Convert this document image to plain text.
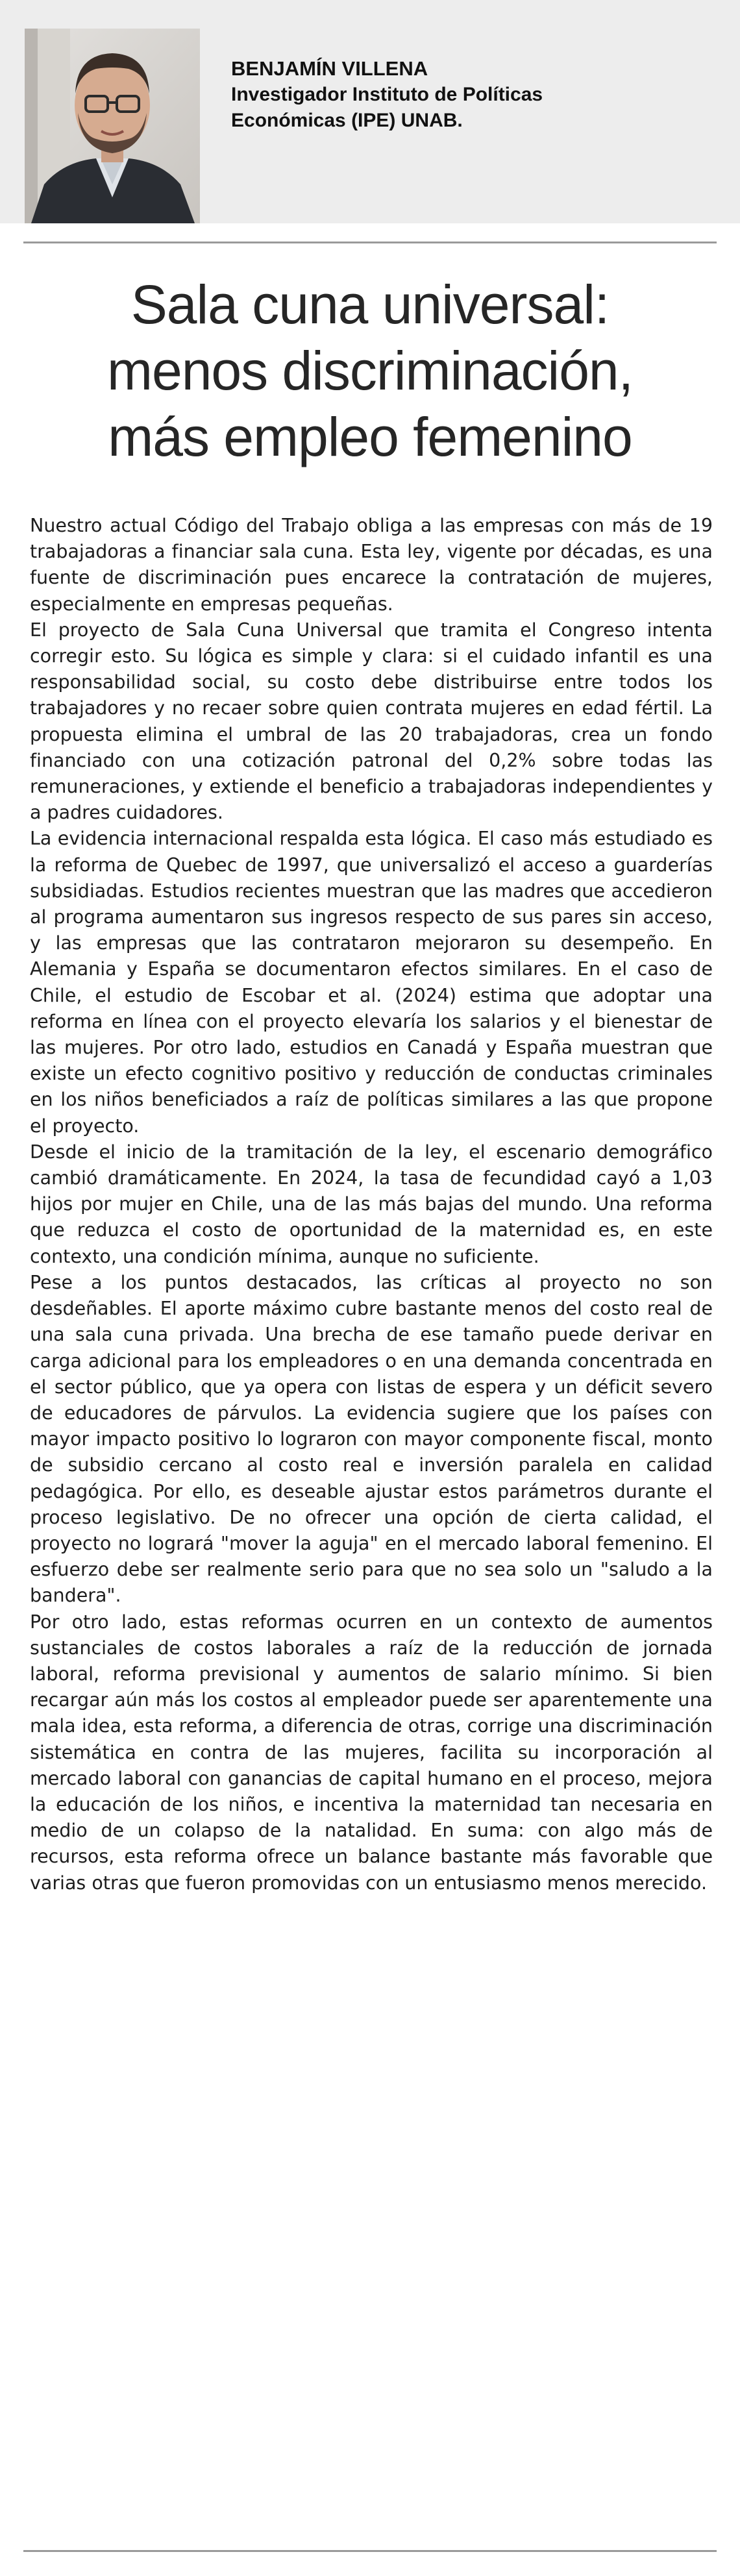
BENJAMÍN VILLENA
Investigador Instituto de Políticas Económicas (IPE) UNAB.
Sala cuna universal:
menos discriminación,
más empleo femenino

Nuestro actual Código del Trabajo obliga a las empresas con más de 19 trabajadoras a financiar sala cuna. Esta ley, vigente por décadas, es una fuente de discriminación pues encarece la contratación de mujeres, especialmente en empresas pequeñas.

El proyecto de Sala Cuna Universal que tramita el Congreso intenta corregir esto. Su lógica es simple y clara: si el cuidado infantil es una responsabilidad social, su costo debe distribuirse entre todos los trabajadores y no recaer sobre quien contrata mujeres en edad fértil. La propuesta elimina el umbral de las 20 trabajadoras, crea un fondo financiado con una cotización patronal del 0,2% sobre todas las remuneraciones, y extiende el beneficio a trabajadoras independientes y a padres cuidadores.

La evidencia internacional respalda esta lógica. El caso más estudiado es la reforma de Quebec de 1997, que universalizó el acceso a guarderías subsidiadas. Estudios recientes muestran que las madres que accedieron al programa aumentaron sus ingresos respecto de sus pares sin acceso, y las empresas que las contrataron mejoraron su desempeño. En Alemania y España se documentaron efectos similares. En el caso de Chile, el estudio de Escobar et al. (2024) estima que adoptar una reforma en línea con el proyecto elevaría los salarios y el bienestar de las mujeres. Por otro lado, estudios en Canadá y España muestran que existe un efecto cognitivo positivo y reducción de conductas criminales en los niños beneficiados a raíz de políticas similares a las que propone el proyecto.

Desde el inicio de la tramitación de la ley, el escenario demográfico cambió dramáticamente. En 2024, la tasa de fecundidad cayó a 1,03 hijos por mujer en Chile, una de las más bajas del mundo. Una reforma que reduzca el costo de oportunidad de la maternidad es, en este contexto, una condición mínima, aunque no suficiente.

Pese a los puntos destacados, las críticas al proyecto no son desdeñables. El aporte máximo cubre bastante menos del costo real de una sala cuna privada. Una brecha de ese tamaño puede derivar en carga adicional para los empleadores o en una demanda concentrada en el sector público, que ya opera con listas de espera y un déficit severo de educadores de párvulos. La evidencia sugiere que los países con mayor impacto positivo lo lograron con mayor componente fiscal, monto de subsidio cercano al costo real e inversión paralela en calidad pedagógica. Por ello, es deseable ajustar estos parámetros durante el proceso legislativo. De no ofrecer una opción de cierta calidad, el proyecto no logrará "mover la aguja" en el mercado laboral femenino. El esfuerzo debe ser realmente serio para que no sea solo un "saludo a la bandera".

Por otro lado, estas reformas ocurren en un contexto de aumentos sustanciales de costos laborales a raíz de la reducción de jornada laboral, reforma previsional y aumentos de salario mínimo. Si bien recargar aún más los costos al empleador puede ser aparentemente una mala idea, esta reforma, a diferencia de otras, corrige una discriminación sistemática en contra de las mujeres, facilita su incorporación al mercado laboral con ganancias de capital humano en el proceso, mejora la educación de los niños, e incentiva la maternidad tan necesaria en medio de un colapso de la natalidad. En suma: con algo más de recursos, esta reforma ofrece un balance bastante más favorable que varias otras que fueron promovidas con un entusiasmo menos merecido.
